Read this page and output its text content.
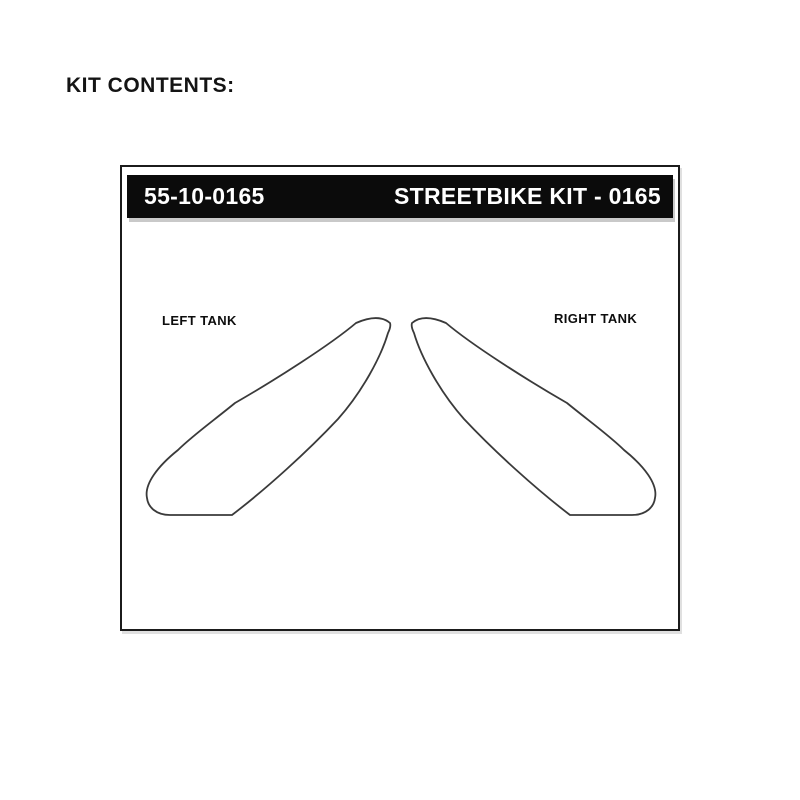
KIT CONTENTS:
55-10-0165	STREETBIKE KIT - 0165
LEFT TANK	RIGHT TANK
